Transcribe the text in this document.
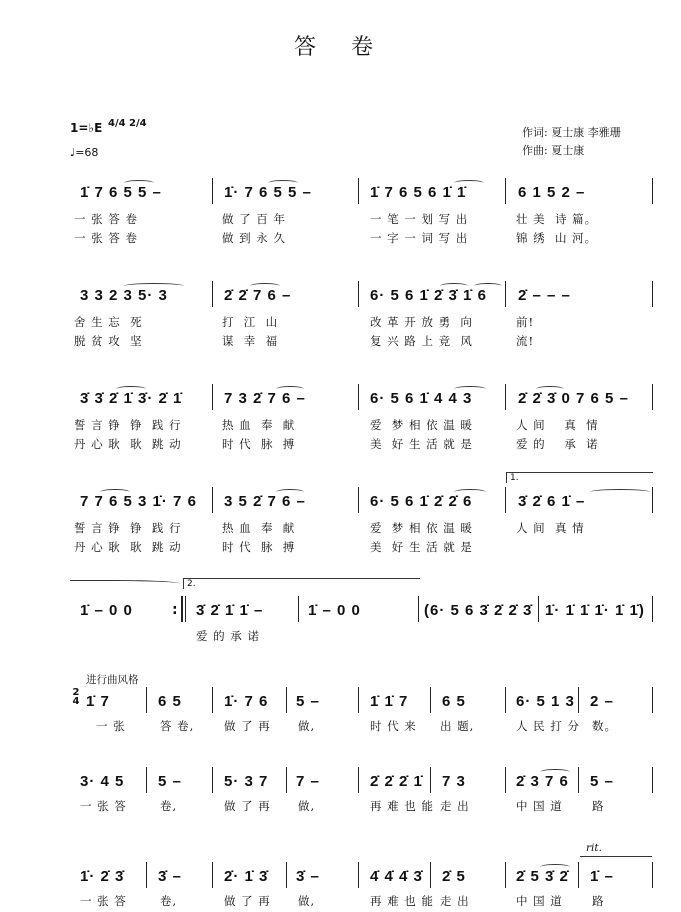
答 卷
1=♭E 4/4 2/4
♩=68
作词: 夏士康 李雅珊
作曲: 夏士康
1̇ 7 6 5 5 –	1̇· 7 6 5 5 –	1̇ 7 6 5 6 1̇ 1̇	6 1 5 2 –
一 张 答 卷	做 了 百 年	一 笔 一 划 写 出	壮 美  诗 篇。
一 张 答 卷	做 到 永 久	一 字 一 词 写 出	锦 绣  山 河。
3 3 2 3 5· 3	2̇ 2̇ 7 6 –	6· 5 6 1̇ 2̇ 3̇ 1̇ 6 2̇ – – –
舍 生 忘  死	打  江  山	改 革 开 放 勇  向	前!
脱 贫 攻  坚	谋  幸  福	复 兴 路 上 竞  风	流!
3̇ 3̇ 2̇ 1̇ 3̇· 2̇ 1̇	7 3 2̇ 7 6 –	6· 5 6 1̇ 4 4 3	2̇ 2̇ 3̇ 0 7 6 5 –
誓 言 铮  铮  践 行	热 血  奉  献	爱  梦 相 依 温 暖	人 间    真  情
丹 心 耿  耿  跳 动	时 代  脉  搏	美  好 生 活 就 是	爱 的    承  诺
1.
7 7 6 5 3 1̇· 7 6 3 5 2̇ 7 6 –	6· 5 6 1̇ 2̇ 2̇ 6	3̇ 2̇ 6 1̇ –
誓 言 铮  铮  践 行	热 血  奉  献	爱  梦 相 依 温 暖	人 间  真 情
丹 心 耿  耿  跳 动	时 代  脉  搏	美  好 生 活 就 是
2.
1̇ – 0 0	: 3̇ 2̇ 1̇ 1̇ –	1̇ – 0 0	(6· 5 6 3̇ 2̇ 2̇ 3̇ 1̇· 1̇ 1̇ 1̇· 1̇ 1̇)
爱 的 承 诺
进行曲风格
2
4 1̇ 7	6 5	1̇· 7 6 5 –	1̇ 1̇ 7 6 5	6· 5 1 3 2 –
一 张	答 卷,	做 了 再 做,	时 代 来 出 题,	人 民 打 分 数。
3· 4 5 5 –	5· 3 7 7 –	2̇ 2̇ 2̇ 1̇ 7 3	2̇ 3 7 6 5 –
一 张 答	卷,	做 了 再 做,	再 难 也 能 走 出	中 国 道	路
rit.
1̇· 2̇ 3̇ 3̇ –	2̇· 1̇ 3̇ 3̇ –	4̇ 4̇ 4̇ 3̇ 2̇ 5	2̇ 5 3̇ 2̇ 1̇ –
一 张 答	卷,	做 了 再 做,	再 难 也 能 走 出	中 国 道	路
